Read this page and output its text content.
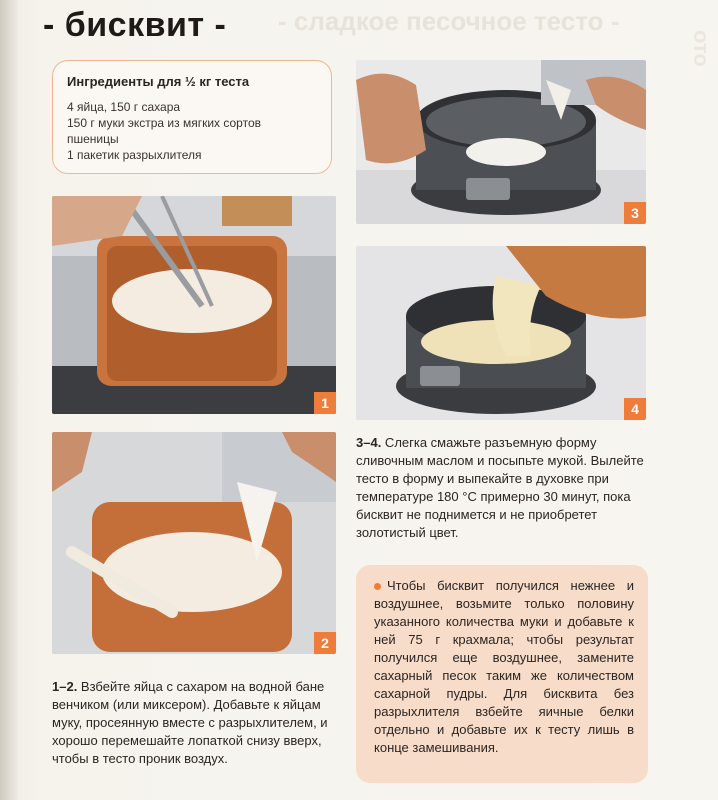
- сладкое песочное тесто -
ото
- бисквит -
Ингредиенты для ½ кг теста
4 яйца, 150 г сахара
150 г муки экстра из мягких сортов
пшеницы
1 пакетик разрыхлителя
3
1	4
2
3–4. Слегка смажьте разъемную форму сливочным маслом и посыпьте мукой. Вылейте тесто в форму и выпекайте в духовке при температуре 180 °С примерно 30 минут, пока бисквит не поднимется и не приобретет золотистый цвет.
Чтобы бисквит получился нежнее и воздушнее, возьмите только половину указанного количества муки и добавьте к ней 75 г крахмала; чтобы результат получился еще воздушнее, замените сахарный песок таким же количеством сахарной пудры. Для бисквита без разрыхлителя взбейте яичные белки отдельно и добавьте их к тесту лишь в конце замешивания.
1–2. Взбейте яйца с сахаром на водной бане венчиком (или миксером). Добавьте к яйцам муку, просеянную вместе с разрыхлителем, и хорошо перемешайте лопаткой снизу вверх, чтобы в тесто проник воздух.
